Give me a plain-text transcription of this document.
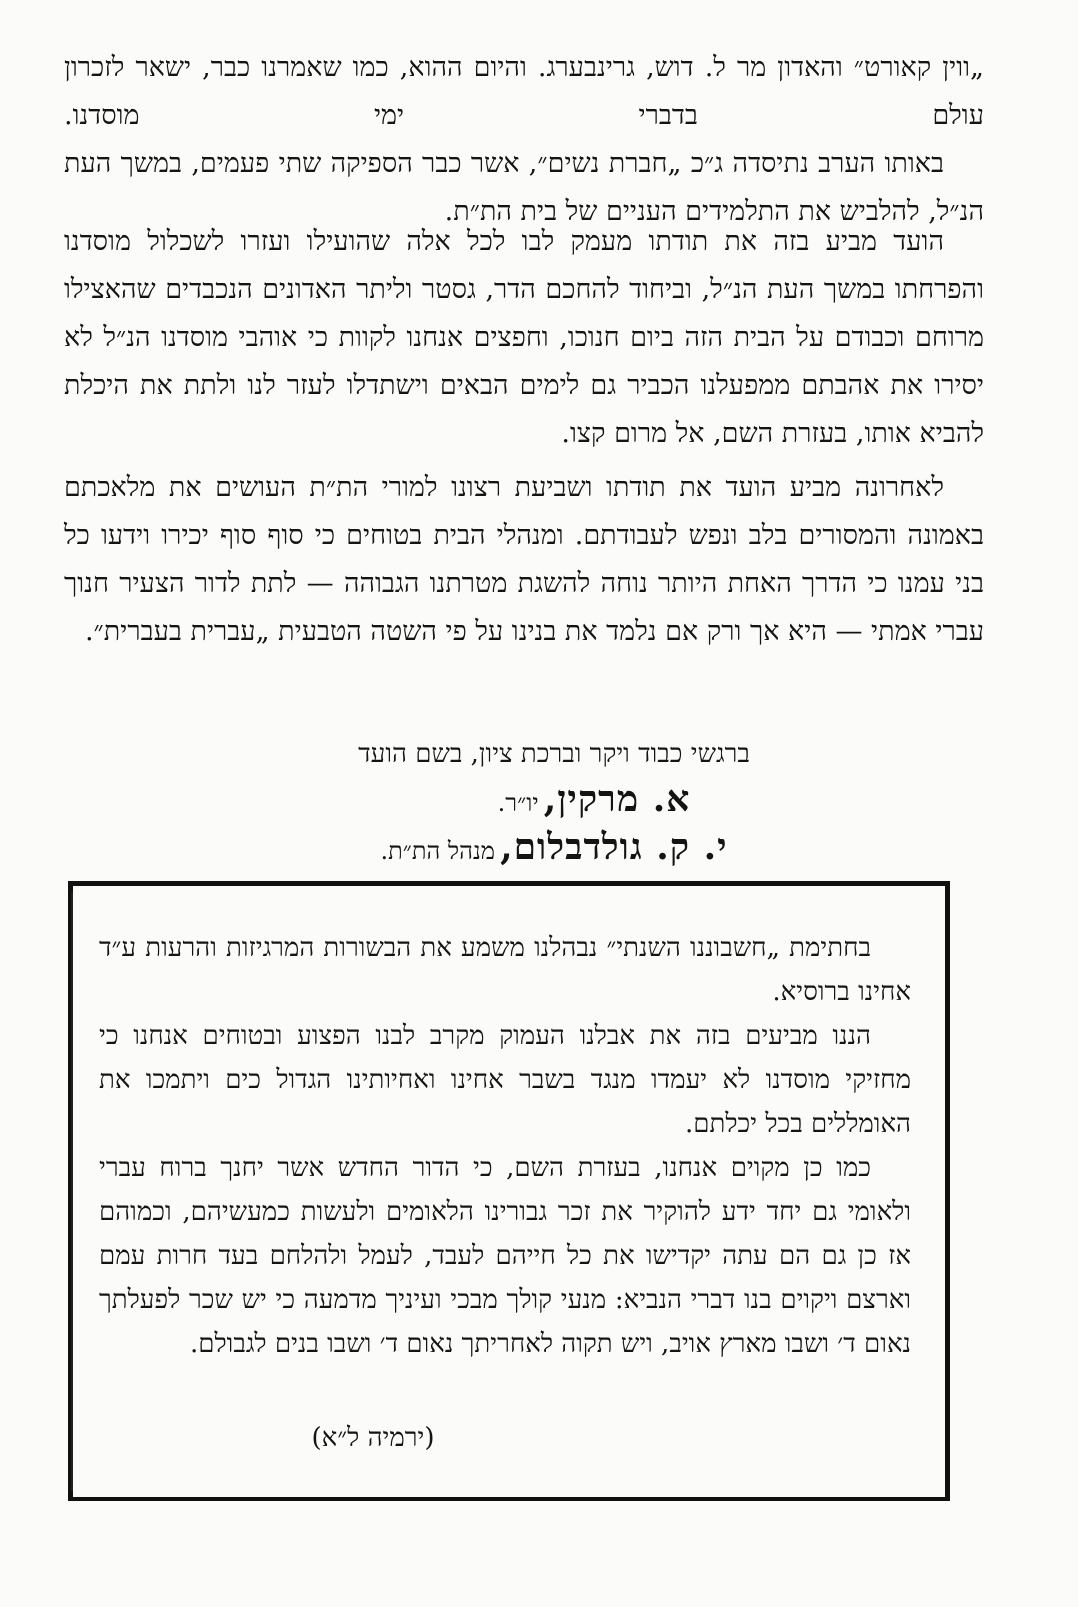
„ווין קאורט״ והאדון מר ל. דוש, גרינבערג. והיום ההוא, כמו שאמרנו כבר, ישאר לזכרון עולם בדברי ימי מוסדנו.
באותו הערב נתיסדה ג״כ „חברת נשים״, אשר כבר הספיקה שתי פעמים, במשך העת הנ״ל, להלביש את התלמידים העניים של בית הת״ת.
הועד מביע בזה את תודתו מעמק לבו לכל אלה שהועילו ועזרו לשכלול מוסדנו והפרחתו במשך העת הנ״ל, וביחוד להחכם הדר, גסטר וליתר האדונים הנכבדים שהאצילו מרוחם וכבודם על הבית הזה ביום חנוכו, וחפצים אנחנו לקוות כי אוהבי מוסדנו הנ״ל לא יסירו את אהבתם ממפעלנו הכביר גם לימים הבאים וישתדלו לעזר לנו ולתת את היכלת להביא אותו, בעזרת השם, אל מרום קצו.
לאחרונה מביע הועד את תודתו ושביעת רצונו למורי הת״ת העושים את מלאכתם באמונה והמסורים בלב ונפש לעבודתם. ומנהלי הבית בטוחים כי סוף סוף יכירו וידעו כל בני עמנו כי הדרך האחת היותר נוחה להשגת מטרתנו הגבוהה — לתת לדור הצעיר חנוך עברי אמתי — היא אך ורק אם נלמד את בנינו על פי השטה הטבעית „עברית בעברית״.
ברגשי כבוד ויקר וברכת ציון, בשם הועד
א. מרקין, יו״ר.
י. ק. גולדבלום, מנהל הת״ת.
בחתימת „חשבוננו השנתי״ נבהלנו משמע את הבשורות המרגיזות והרעות ע״ד אחינו ברוסיא.
הננו מביעים בזה את אבלנו העמוק מקרב לבנו הפצוע ובטוחים אנחנו כי מחזיקי מוסדנו לא יעמדו מנגד בשבר אחינו ואחיותינו הגדול כים ויתמכו את האומללים בכל יכלתם.
כמו כן מקוים אנחנו, בעזרת השם, כי הדור החדש אשר יחנך ברוח עברי ולאומי גם יחד ידע להוקיר את זכר גבורינו הלאומים ולעשות כמעשיהם, וכמוהם אז כן גם הם עתה יקדישו את כל חייהם לעבד, לעמל ולהלחם בעד חרות עמם וארצם ויקוים בנו דברי הנביא: מנעי קולך מבכי ועיניך מדמעה כי יש שכר לפעלתך נאום ד׳ ושבו מארץ אויב, ויש תקוה לאחריתך נאום ד׳ ושבו בנים לגבולם.
(ירמיה ל״א)
